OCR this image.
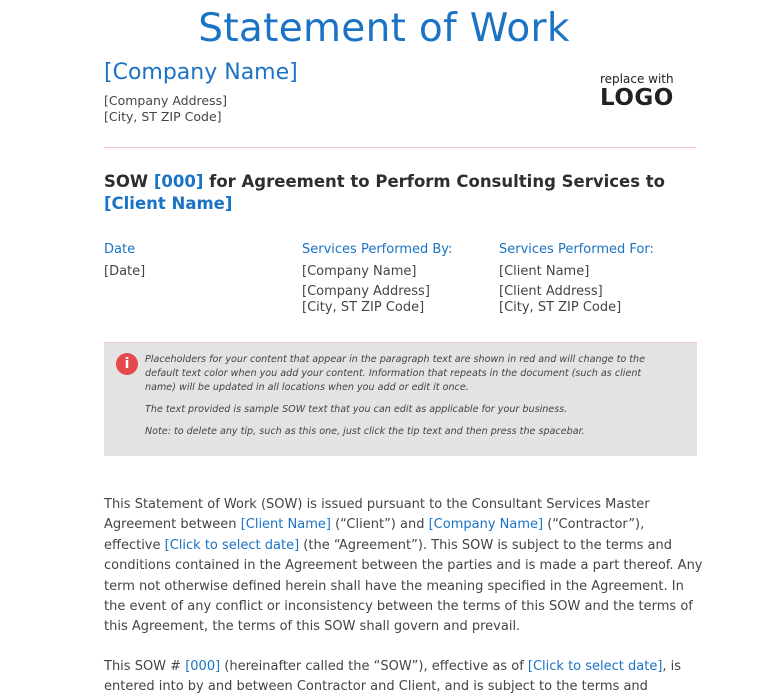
Statement of Work
[Company Name]
[Company Address]
[City, ST ZIP Code]
replace with
LOGO
SOW [000] for Agreement to Perform Consulting Services to [Client Name]
Date
[Date]
Services Performed By:
[Company Name]
[Company Address]
[City, ST ZIP Code]
Services Performed For:
[Client Name]
[Client Address]
[City, ST ZIP Code]
i	Placeholders for your content that appear in the paragraph text are shown in red and will change to the default text color when you add your content. Information that repeats in the document (such as client name) will be updated in all locations when you add or edit it once.

The text provided is sample SOW text that you can edit as applicable for your business.

Note: to delete any tip, such as this one, just click the tip text and then press the spacebar.

This Statement of Work (SOW) is issued pursuant to the Consultant Services Master Agreement between [Client Name] (“Client”) and [Company Name] (“Contractor”), effective [Click to select date] (the “Agreement”). This SOW is subject to the terms and conditions contained in the Agreement between the parties and is made a part thereof. Any term not otherwise defined herein shall have the meaning specified in the Agreement. In the event of any conflict or inconsistency between the terms of this SOW and the terms of this Agreement, the terms of this SOW shall govern and prevail.
This SOW # [000] (hereinafter called the “SOW”), effective as of [Click to select date], is entered into by and between Contractor and Client, and is subject to the terms and
